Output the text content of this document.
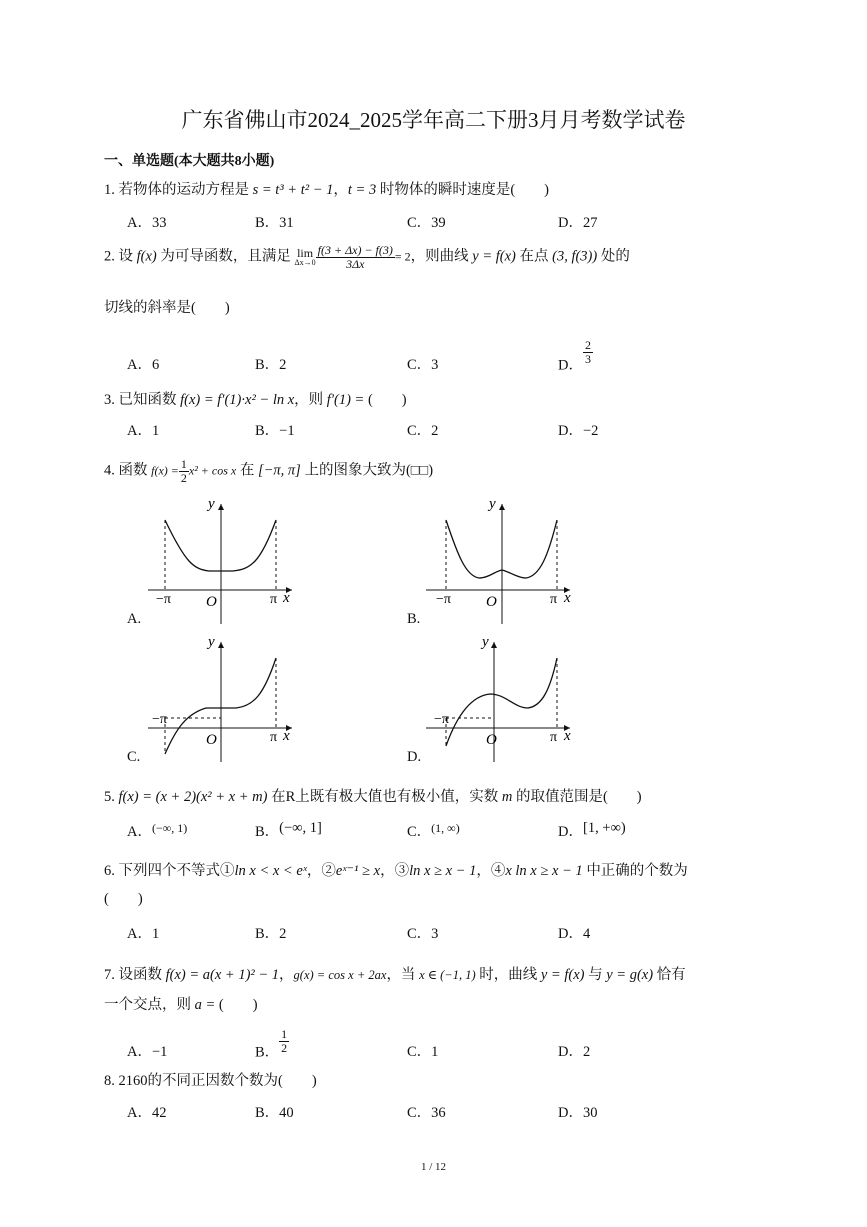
广东省佛山市2024_2025学年高二下册3月月考数学试卷
一、单选题(本大题共8小题)
1. 若物体的运动方程是 s = t³ + t² − 1，t = 3 时物体的瞬时速度是(　　)
A．33	B．31	C．39	D．27
2. 设 f(x) 为可导函数，且满足 lim
$\Delta x\to 0 \frac{f(3 + \Delta x) - f(3)}{3\Delta x} = 2$，则曲线 y = f(x) 在点 (3, f(3)) 处的
切线的斜率是(　　)
A．6	B．2	C．3	D．
$\frac{2}{3}$
3. 已知函数 f(x) = f′(1)·x² − ln x，则 f′(1) = (　　)
A．1	B．−1	C．2	D．−2
4. 函数 $f(x) = \frac{1}{2} x^2 + \cos x$ 在 [−π, π] 上的图象大致为(□□)
y
x
O
−π	π
A.
y
x
O
−π	π
B.
y
x
O
−π
π
C.
y
x
O
−π
π
D.
5. f(x) = (x + 2)(x² + x + m) 在R上既有极大值也有极小值，实数 m 的取值范围是(　　)
A．$^{(-\infty, 1)}$	B．(−∞, 1]	C．$^{(1, \infty)}$	D．[1, +∞)
6. 下列四个不等式①ln x < x < eˣ，②eˣ⁻¹ ≥ x，③ln x ≥ x − 1，④x ln x ≥ x − 1 中正确的个数为
(　　)
A．1	B．2	C．3	D．4
7. 设函数 f(x) = a(x + 1)² − 1，g(x) = cos x + 2ax，当 x ∈ (−1, 1) 时，曲线 y = f(x) 与 y = g(x) 恰有
一个交点，则 a = (　　)
A．−1	B． $\frac{1}{2}$	C．1	D．2
8. 2160的不同正因数个数为(　　)
A．42	B．40	C．36	D．30
1 / 12
